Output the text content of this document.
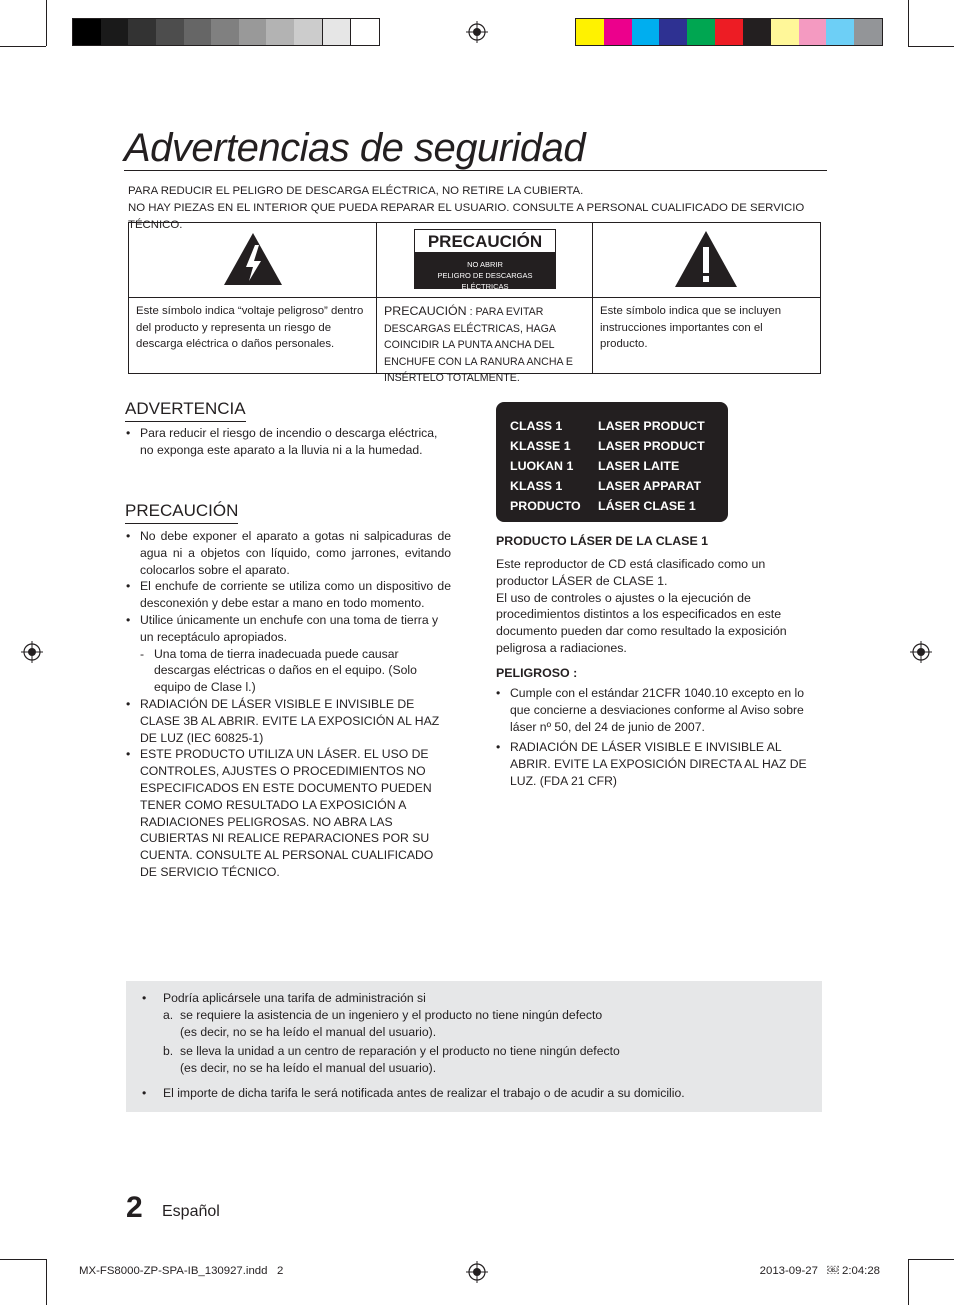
Advertencias de seguridad
PARA REDUCIR EL PELIGRO DE DESCARGA ELÉCTRICA, NO RETIRE LA CUBIERTA.
NO HAY PIEZAS EN EL INTERIOR QUE PUEDA REPARAR EL USUARIO. CONSULTE A PERSONAL CUALIFICADO DE SERVICIO TÉCNICO.
PRECAUCIÓN
NO ABRIR
PELIGRO DE DESCARGAS ELÉCTRICAS
Este símbolo indica “voltaje peligroso” dentro del producto y representa un riesgo de descarga eléctrica o daños personales.
PRECAUCIÓN : PARA EVITAR DESCARGAS ELÉCTRICAS, HAGA COINCIDIR LA PUNTA ANCHA DEL ENCHUFE CON LA RANURA ANCHA E INSÉRTELO TOTALMENTE.
Este símbolo indica que se incluyen instrucciones importantes con el producto.
ADVERTENCIA
• Para reducir el riesgo de incendio o descarga eléctrica, no exponga este aparato a la lluvia ni a la humedad.
PRECAUCIÓN
• No debe exponer el aparato a gotas ni salpicaduras de agua ni a objetos con líquido, como jarrones, evitando colocarlos sobre el aparato.
• El enchufe de corriente se utiliza como un dispositivo de desconexión y debe estar a mano en todo momento.
• Utilice únicamente un enchufe con una toma de tierra y un receptáculo apropiados.
- Una toma de tierra inadecuada puede causar descargas eléctricas o daños en el equipo. (Solo equipo de Clase l.)
• RADIACIÓN DE LÁSER VISIBLE E INVISIBLE DE CLASE 3B AL ABRIR. EVITE LA EXPOSICIÓN AL HAZ DE LUZ (IEC 60825-1)
• ESTE PRODUCTO UTILIZA UN LÁSER. EL USO DE CONTROLES, AJUSTES O PROCEDIMIENTOS NO ESPECIFICADOS EN ESTE DOCUMENTO PUEDEN TENER COMO RESULTADO LA EXPOSICIÓN A RADIACIONES PELIGROSAS. NO ABRA LAS CUBIERTAS NI REALICE REPARACIONES POR SU CUENTA. CONSULTE AL PERSONAL CUALIFICADO DE SERVICIO TÉCNICO.
CLASS 1	LASER PRODUCT
KLASSE 1	LASER PRODUCT
LUOKAN 1	LASER LAITE
KLASS 1	LASER APPARAT
PRODUCTO	LÁSER CLASE 1
PRODUCTO LÁSER DE LA CLASE 1
Este reproductor de CD está clasificado como un productor LÁSER de CLASE 1.
El uso de controles o ajustes o la ejecución de procedimientos distintos a los especificados en este documento pueden dar como resultado la exposición peligrosa a radiaciones.
PELIGROSO :
• Cumple con el estándar 21CFR 1040.10 excepto en lo que concierne a desviaciones conforme al Aviso sobre láser nº 50, del 24 de junio de 2007.
• RADIACIÓN DE LÁSER VISIBLE E INVISIBLE AL ABRIR. EVITE LA EXPOSICIÓN DIRECTA AL HAZ DE LUZ. (FDA 21 CFR)
• Podría aplicársele una tarifa de administración si
a. se requiere la asistencia de un ingeniero y el producto no tiene ningún defecto
(es decir, no se ha leído el manual del usuario).
b. se lleva la unidad a un centro de reparación y el producto no tiene ningún defecto
(es decir, no se ha leído el manual del usuario).
• El importe de dicha tarifa le será notificada antes de realizar el trabajo o de acudir a su domicilio.
2 Español
MX-FS8000-ZP-SPA-IB_130927.indd   2	2013-09-27   ￼ 2:04:28
